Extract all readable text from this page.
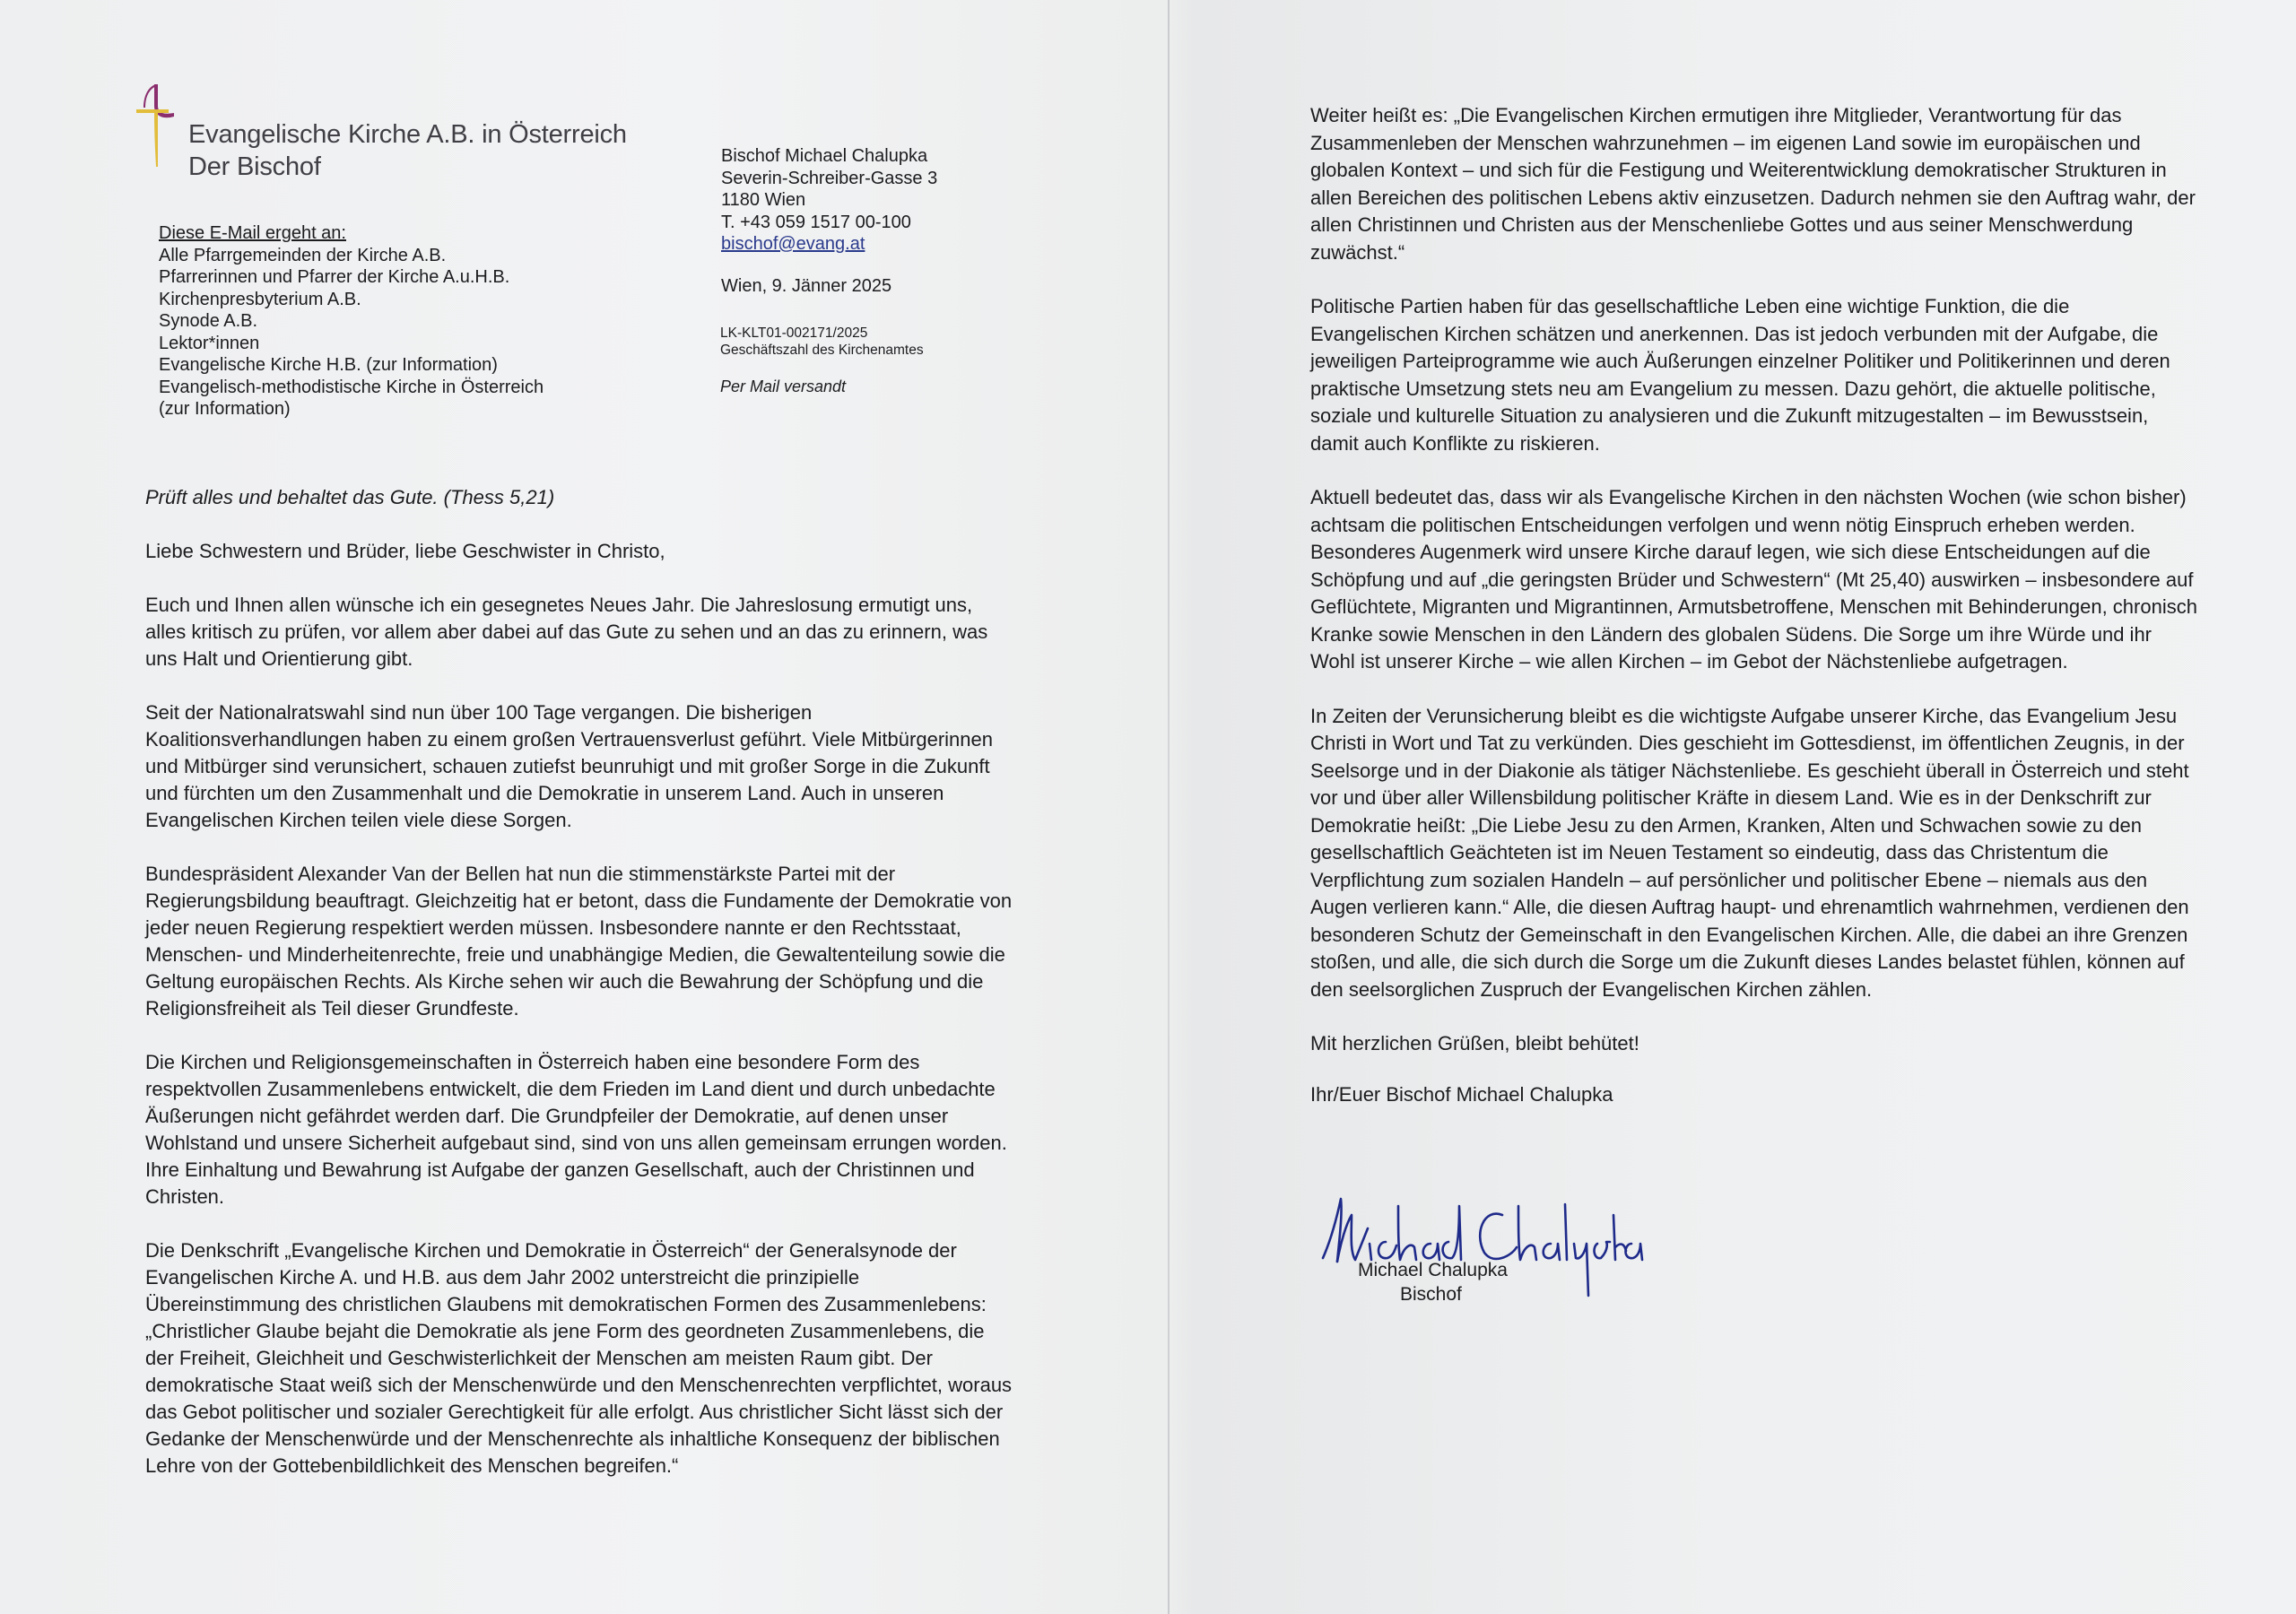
Evangelische Kirche A.B. in Österreich
Der Bischof
Diese E-Mail ergeht an:
Alle Pfarrgemeinden der Kirche A.B.
Pfarrerinnen und Pfarrer der Kirche A.u.H.B.
Kirchenpresbyterium A.B.
Synode A.B.
Lektor*innen
Evangelische Kirche H.B. (zur Information)
Evangelisch-methodistische Kirche in Österreich
(zur Information)
Bischof Michael Chalupka
Severin-Schreiber-Gasse 3
1180 Wien
T. +43 059 1517 00-100
bischof@evang.at
Wien, 9. Jänner 2025
LK-KLT01-002171/2025
Geschäftszahl des Kirchenamtes
Per Mail versandt

Prüft alles und behaltet das Gute. (Thess 5,21)

Liebe Schwestern und Brüder, liebe Geschwister in Christo,

Euch und Ihnen allen wünsche ich ein gesegnetes Neues Jahr. Die Jahreslosung ermutigt uns, alles kritisch zu prüfen, vor allem aber dabei auf das Gute zu sehen und an das zu erinnern, was uns Halt und Orientierung gibt.

Seit der Nationalratswahl sind nun über 100 Tage vergangen. Die bisherigen Koalitionsverhandlungen haben zu einem großen Vertrauensverlust geführt. Viele Mitbürgerinnen und Mitbürger sind verunsichert, schauen zutiefst beunruhigt und mit großer Sorge in die Zukunft und fürchten um den Zusammenhalt und die Demokratie in unserem Land. Auch in unseren Evangelischen Kirchen teilen viele diese Sorgen.

Bundespräsident Alexander Van der Bellen hat nun die stimmenstärkste Partei mit der Regierungsbildung beauftragt. Gleichzeitig hat er betont, dass die Fundamente der Demokratie von jeder neuen Regierung respektiert werden müssen. Insbesondere nannte er den Rechtsstaat, Menschen- und Minderheitenrechte, freie und unabhängige Medien, die Gewaltenteilung sowie die Geltung europäischen Rechts. Als Kirche sehen wir auch die Bewahrung der Schöpfung und die Religionsfreiheit als Teil dieser Grundfeste.

Die Kirchen und Religionsgemeinschaften in Österreich haben eine besondere Form des respektvollen Zusammenlebens entwickelt, die dem Frieden im Land dient und durch unbedachte Äußerungen nicht gefährdet werden darf. Die Grundpfeiler der Demokratie, auf denen unser Wohlstand und unsere Sicherheit aufgebaut sind, sind von uns allen gemeinsam errungen worden. Ihre Einhaltung und Bewahrung ist Aufgabe der ganzen Gesellschaft, auch der Christinnen und Christen.

Die Denkschrift „Evangelische Kirchen und Demokratie in Österreich“ der Generalsynode der Evangelischen Kirche A. und H.B. aus dem Jahr 2002 unterstreicht die prinzipielle Übereinstimmung des christlichen Glaubens mit demokratischen Formen des Zusammenlebens: „Christlicher Glaube bejaht die Demokratie als jene Form des geordneten Zusammenlebens, die der Freiheit, Gleichheit und Geschwisterlichkeit der Menschen am meisten Raum gibt. Der demokratische Staat weiß sich der Menschenwürde und den Menschenrechten verpflichtet, woraus das Gebot politischer und sozialer Gerechtigkeit für alle erfolgt. Aus christlicher Sicht lässt sich der Gedanke der Menschenwürde und der Menschenrechte als inhaltliche Konsequenz der biblischen Lehre von der Gottebenbildlichkeit des Menschen begreifen.“

Weiter heißt es: „Die Evangelischen Kirchen ermutigen ihre Mitglieder, Verantwortung für das Zusammenleben der Menschen wahrzunehmen – im eigenen Land sowie im europäischen und globalen Kontext – und sich für die Festigung und Weiterentwicklung demokratischer Strukturen in allen Bereichen des politischen Lebens aktiv einzusetzen. Dadurch nehmen sie den Auftrag wahr, der allen Christinnen und Christen aus der Menschenliebe Gottes und aus seiner Menschwerdung zuwächst.“

Politische Partien haben für das gesellschaftliche Leben eine wichtige Funktion, die die Evangelischen Kirchen schätzen und anerkennen. Das ist jedoch verbunden mit der Aufgabe, die jeweiligen Parteiprogramme wie auch Äußerungen einzelner Politiker und Politikerinnen und deren praktische Umsetzung stets neu am Evangelium zu messen. Dazu gehört, die aktuelle politische, soziale und kulturelle Situation zu analysieren und die Zukunft mitzugestalten – im Bewusstsein, damit auch Konflikte zu riskieren.

Aktuell bedeutet das, dass wir als Evangelische Kirchen in den nächsten Wochen (wie schon bisher) achtsam die politischen Entscheidungen verfolgen und wenn nötig Einspruch erheben werden. Besonderes Augenmerk wird unsere Kirche darauf legen, wie sich diese Entscheidungen auf die Schöpfung und auf „die geringsten Brüder und Schwestern“ (Mt 25,40) auswirken – insbesondere auf Geflüchtete, Migranten und Migrantinnen, Armutsbetroffene, Menschen mit Behinderungen, chronisch Kranke sowie Menschen in den Ländern des globalen Südens. Die Sorge um ihre Würde und ihr Wohl ist unserer Kirche – wie allen Kirchen – im Gebot der Nächstenliebe aufgetragen.

In Zeiten der Verunsicherung bleibt es die wichtigste Aufgabe unserer Kirche, das Evangelium Jesu Christi in Wort und Tat zu verkünden. Dies geschieht im Gottesdienst, im öffentlichen Zeugnis, in der Seelsorge und in der Diakonie als tätiger Nächstenliebe. Es geschieht überall in Österreich und steht vor und über aller Willensbildung politischer Kräfte in diesem Land. Wie es in der Denkschrift zur Demokratie heißt: „Die Liebe Jesu zu den Armen, Kranken, Alten und Schwachen sowie zu den gesellschaftlich Geächteten ist im Neuen Testament so eindeutig, dass das Christentum die Verpflichtung zum sozialen Handeln – auf persönlicher und politischer Ebene – niemals aus den Augen verlieren kann.“ Alle, die diesen Auftrag haupt- und ehrenamtlich wahrnehmen, verdienen den besonderen Schutz der Gemeinschaft in den Evangelischen Kirchen. Alle, die dabei an ihre Grenzen stoßen, und alle, die sich durch die Sorge um die Zukunft dieses Landes belastet fühlen, können auf den seelsorglichen Zuspruch der Evangelischen Kirchen zählen.

Mit herzlichen Grüßen, bleibt behütet!

Ihr/Euer Bischof Michael Chalupka

Michael Chalupka
Bischof
